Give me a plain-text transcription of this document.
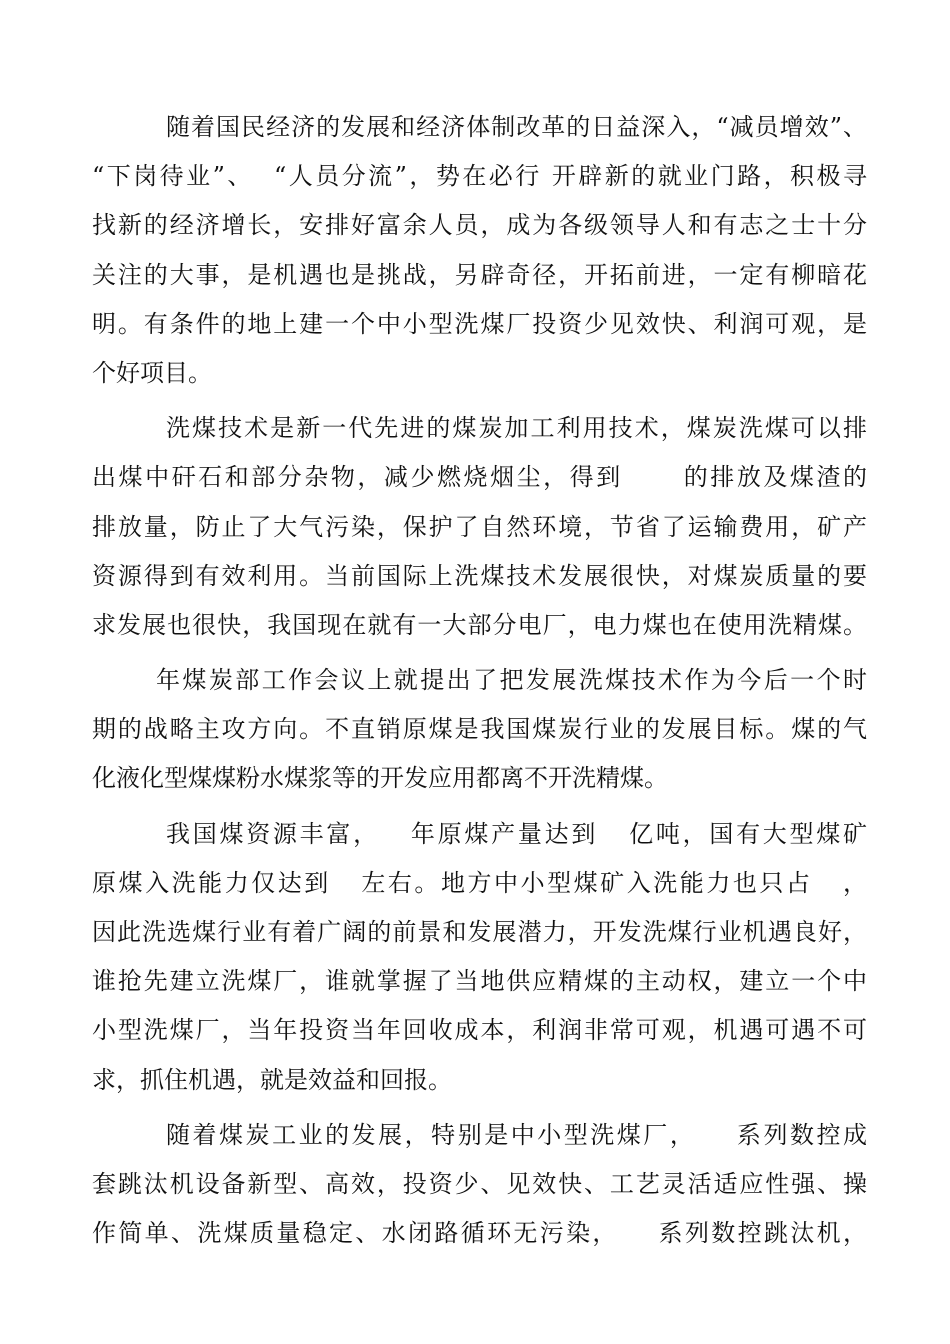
随着国民经济的发展和经济体制改革的日益深入，“减员增效”、
“下岗待业”、  “人员分流”，势在必行 开辟新的就业门路，积极寻
找新的经济增长，安排好富余人员，成为各级领导人和有志之士十分
关注的大事，是机遇也是挑战，另辟奇径，开拓前进，一定有柳暗花
明。有条件的地上建一个中小型洗煤厂投资少见效快、利润可观，是
个好项目。
洗煤技术是新一代先进的煤炭加工利用技术，煤炭洗煤可以排
出煤中矸石和部分杂物，减少燃烧烟尘，得到      的排放及煤渣的
排放量，防止了大气污染，保护了自然环境，节省了运输费用，矿产
资源得到有效利用。当前国际上洗煤技术发展很快，对煤炭质量的要
求发展也很快，我国现在就有一大部分电厂，电力煤也在使用洗精煤。
年煤炭部工作会议上就提出了把发展洗煤技术作为今后一个时
期的战略主攻方向。不直销原煤是我国煤炭行业的发展目标。煤的气
化液化型煤煤粉水煤浆等的开发应用都离不开洗精煤。
我国煤资源丰富，   年原煤产量达到   亿吨，国有大型煤矿
原煤入洗能力仅达到   左右。地方中小型煤矿入洗能力也只占   ，
因此洗选煤行业有着广阔的前景和发展潜力，开发洗煤行业机遇良好，
谁抢先建立洗煤厂，谁就掌握了当地供应精煤的主动权，建立一个中
小型洗煤厂，当年投资当年回收成本，利润非常可观，机遇可遇不可
求，抓住机遇，就是效益和回报。
随着煤炭工业的发展，特别是中小型洗煤厂，    系列数控成
套跳汰机设备新型、高效，投资少、见效快、工艺灵活适应性强、操
作简单、洗煤质量稳定、水闭路循环无污染，    系列数控跳汰机，
